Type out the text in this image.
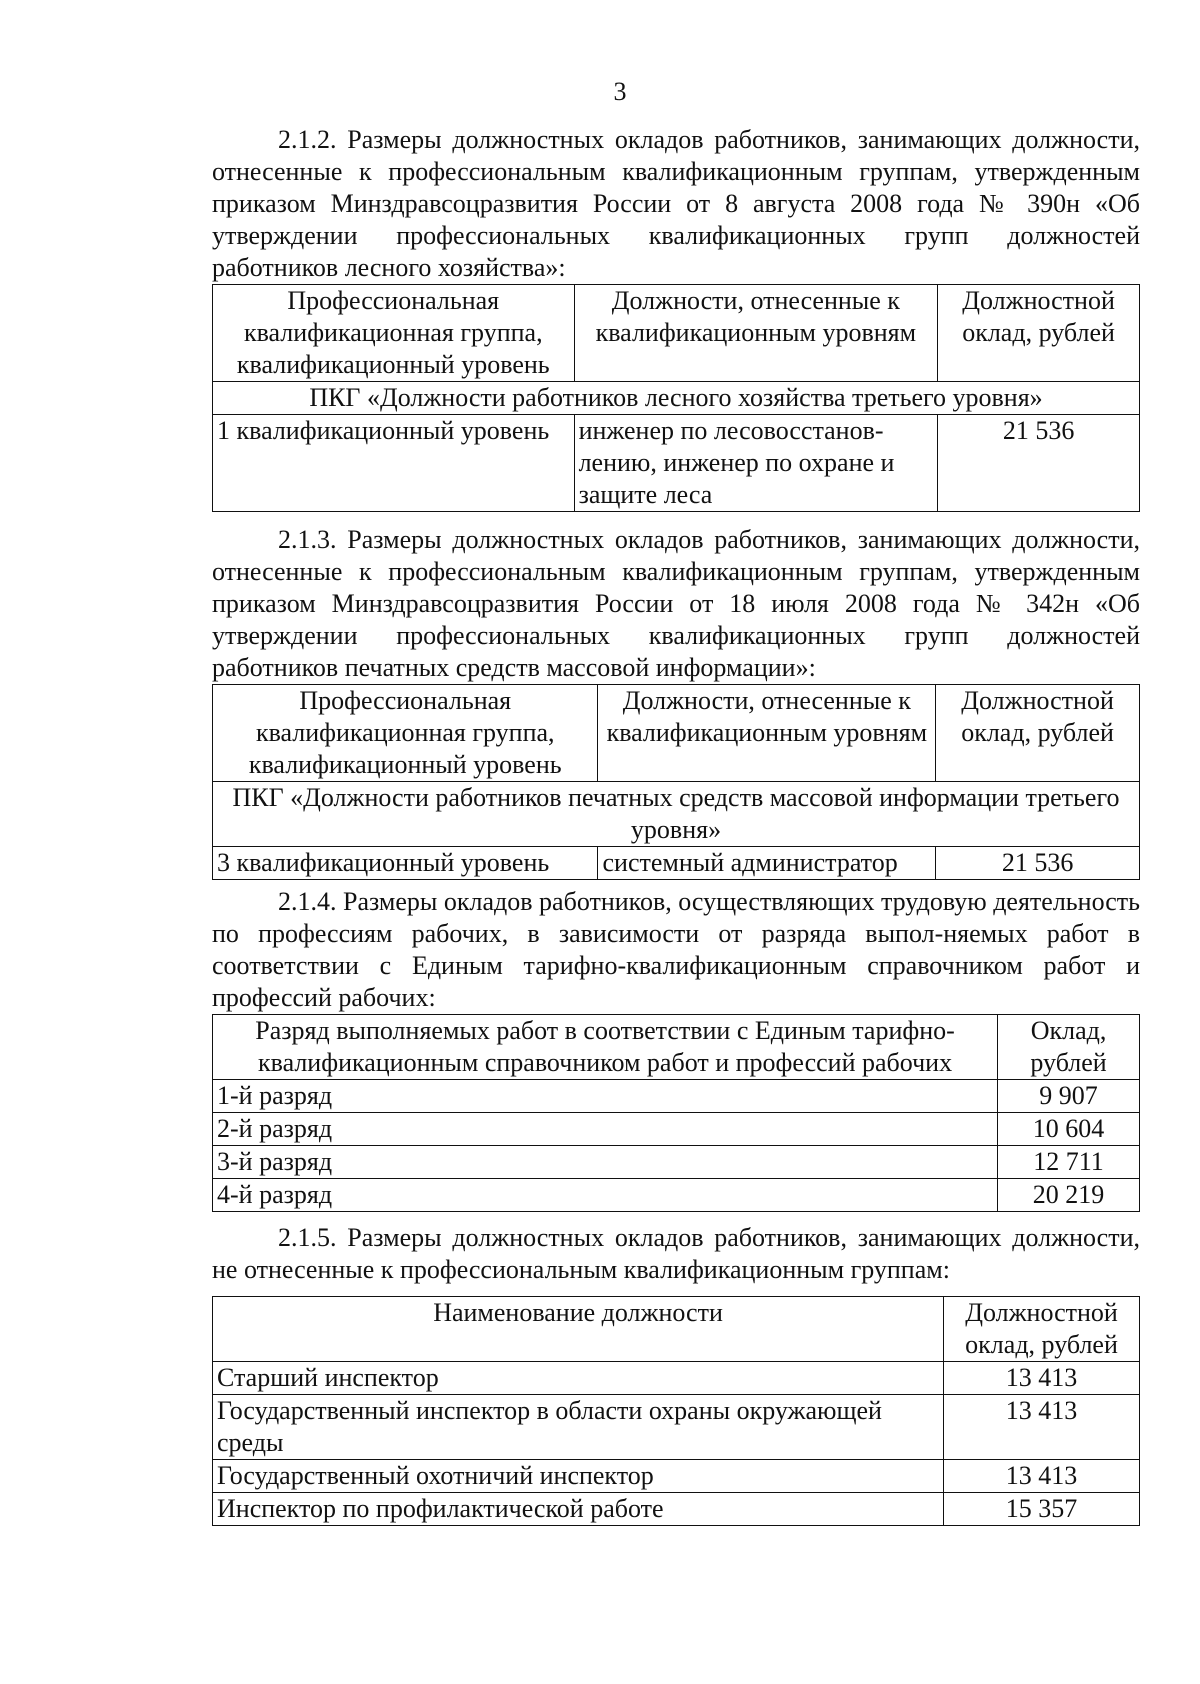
3

2.1.2. Размеры должностных окладов работников, занимающих должности, отнесенные к профессиональным квалификационным группам, утвержденным приказом Минздравсоцразвития России от 8 августа 2008 года № 390н «Об утверждении профессиональных квалификационных групп должностей работников лесного хозяйства»:

Профессиональная квалификационная группа, квалификационный уровень	Должности, отнесенные к квалификационным уровням	Должностной оклад, рублей
ПКГ «Должности работников лесного хозяйства третьего уровня»		
1 квалификационный уровень	инженер по лесовосстанов-лению, инженер по охране и защите леса	21 536

2.1.3. Размеры должностных окладов работников, занимающих должности, отнесенные к профессиональным квалификационным группам, утвержденным приказом Минздравсоцразвития России от 18 июля 2008 года № 342н «Об утверждении профессиональных квалификационных групп должностей работников печатных средств массовой информации»:

Профессиональная квалификационная группа, квалификационный уровень	Должности, отнесенные к квалификационным уровням	Должностной оклад, рублей
ПКГ «Должности работников печатных средств массовой информации третьего уровня»		
3 квалификационный уровень	системный администратор	21 536

2.1.4. Размеры окладов работников, осуществляющих трудовую деятельность по профессиям рабочих, в зависимости от разряда выпол-няемых работ в соответствии с Единым тарифно-квалификационным справочником работ и профессий рабочих:

Разряд выполняемых работ в соответствии с Единым тарифно-квалификационным справочником работ и профессий рабочих	Оклад, рублей
1-й разряд	9 907
2-й разряд	10 604
3-й разряд	12 711
4-й разряд	20 219

2.1.5. Размеры должностных окладов работников, занимающих должности, не отнесенные к профессиональным квалификационным группам:

Наименование должности	Должностной оклад, рублей
Старший инспектор	13 413
Государственный инспектор в области охраны окружающей среды	13 413
Государственный охотничий инспектор	13 413
Инспектор по профилактической работе	15 357
